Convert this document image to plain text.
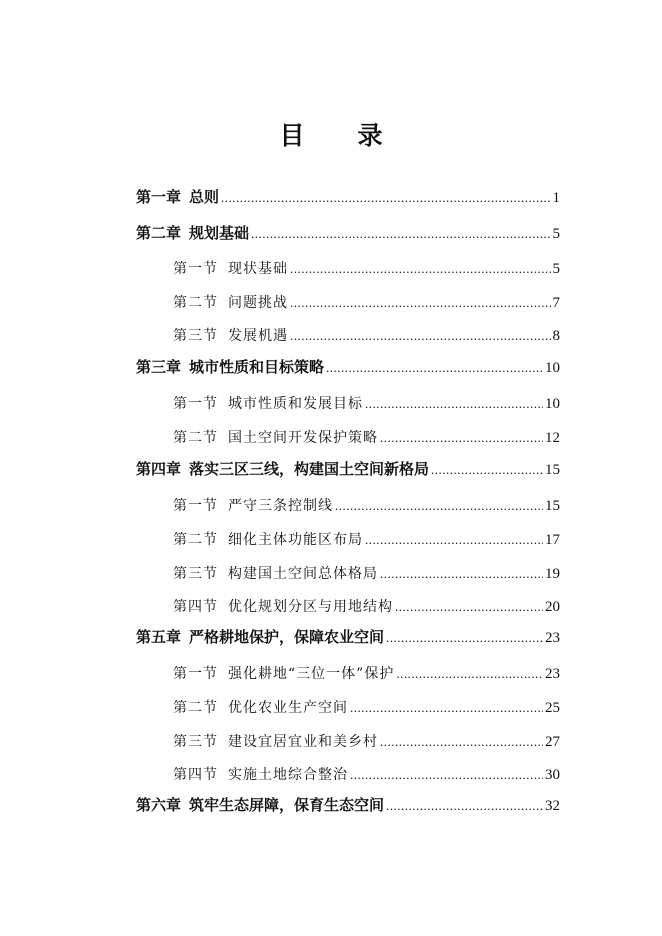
目　录
第一章 总则 .....	1
第二章 规划基础 .....	5
第一节 现状基础 .....	5
第二节 问题挑战 .....	7
第三节 发展机遇 .....	8
第三章 城市性质和目标策略 .....	10
第一节 城市性质和发展目标 .....	10
第二节 国土空间开发保护策略 .....	12
第四章 落实三区三线，构建国土空间新格局 .....	15
第一节 严守三条控制线 .....	15
第二节 细化主体功能区布局 .....	17
第三节 构建国土空间总体格局 .....	19
第四节 优化规划分区与用地结构 .....	20
第五章 严格耕地保护，保障农业空间 .....	23
第一节 强化耕地“三位一体”保护 .....	23
第二节 优化农业生产空间 .....	25
第三节 建设宜居宜业和美乡村 .....	27
第四节 实施土地综合整治 .....	30
第六章 筑牢生态屏障，保育生态空间 .....	32
